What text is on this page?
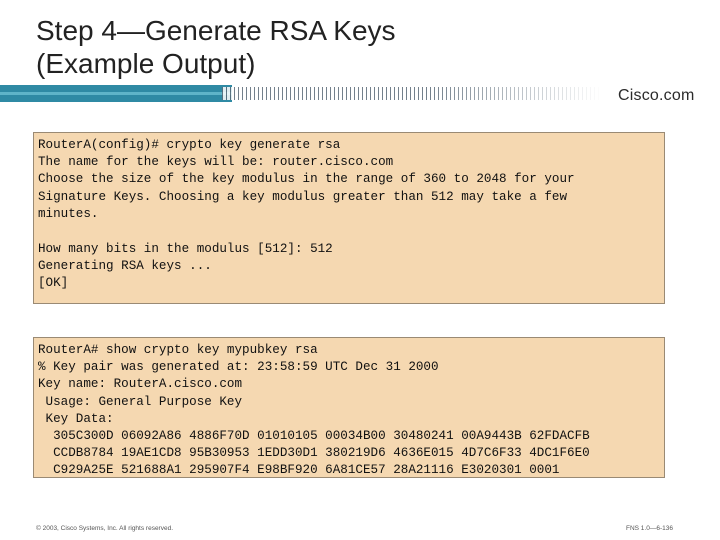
Step 4—Generate RSA Keys
(Example Output)
Cisco.com
RouterA(config)# crypto key generate rsa
The name for the keys will be: router.cisco.com
Choose the size of the key modulus in the range of 360 to 2048 for your
Signature Keys. Choosing a key modulus greater than 512 may take a few
minutes.
How many bits in the modulus [512]: 512
Generating RSA keys ...
[OK]
RouterA# show crypto key mypubkey rsa
% Key pair was generated at: 23:58:59 UTC Dec 31 2000
Key name: RouterA.cisco.com
Usage: General Purpose Key
Key Data:
305C300D 06092A86 4886F70D 01010105 00034B00 30480241 00A9443B 62FDACFB
CCDB8784 19AE1CD8 95B30953 1EDD30D1 380219D6 4636E015 4D7C6F33 4DC1F6E0
C929A25E 521688A1 295907F4 E98BF920 6A81CE57 28A21116 E3020301 0001
© 2003, Cisco Systems, Inc. All rights reserved.	FNS 1.0—6-136
